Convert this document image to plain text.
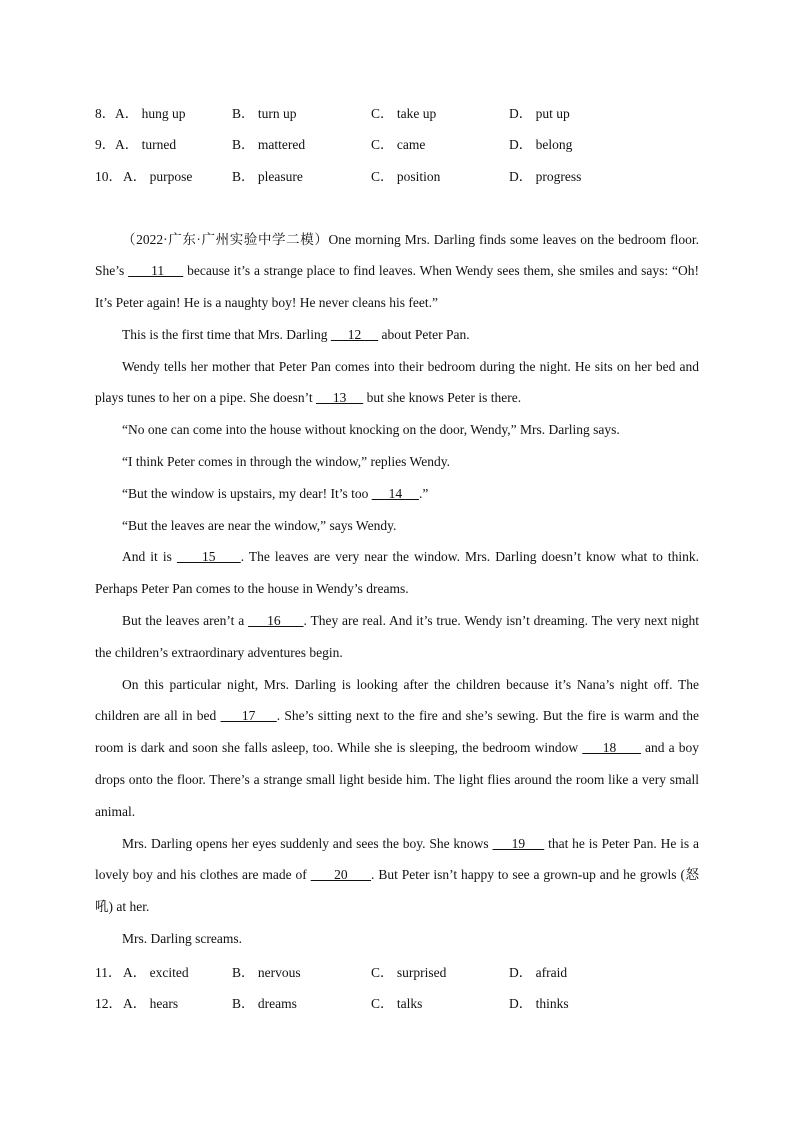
8． A． hung up	B． turn up	C． take up	D． put up
9． A． turned	B． mattered	C． came	D． belong
10． A． purpose	B． pleasure	C． position	D． progress

（2022·广东·广州实验中学二模）One morning Mrs. Darling finds some leaves on the bedroom floor. She’s       11      because it’s a strange place to find leaves. When Wendy sees them, she smiles and says: “Oh! It’s Peter again! He is a naughty boy! He never cleans his feet.”

This is the first time that Mrs. Darling      12      about Peter Pan.

Wendy tells her mother that Peter Pan comes into their bedroom during the night. He sits on her bed and plays tunes to her on a pipe. She doesn’t      13      but she knows Peter is there.

“No one can come into the house without knocking on the door, Wendy,” Mrs. Darling says.

“I think Peter comes in through the window,” replies Wendy.

“But the window is upstairs, my dear! It’s too      14     .”

“But the leaves are near the window,” says Wendy.

And it is      15     . The leaves are very near the window. Mrs. Darling doesn’t know what to think. Perhaps Peter Pan comes to the house in Wendy’s dreams.

But the leaves aren’t a      16      . They are real. And it’s true. Wendy isn’t dreaming. The very next night the children’s extraordinary adventures begin.

On this particular night, Mrs. Darling is looking after the children because it’s Nana’s night off. The children are all in bed      17     . She’s sitting next to the fire and she’s sewing. But the fire is warm and the room is dark and soon she falls asleep, too. While she is sleeping, the bedroom window      18       and a boy drops onto the floor. There’s a strange small light beside him. The light flies around the room like a very small animal.

Mrs. Darling opens her eyes suddenly and sees the boy. She knows      19      that he is Peter Pan. He is a lovely boy and his clothes are made of       20      . But Peter isn’t happy to see a grown-up and he growls (怒吼) at her.

Mrs. Darling screams.

11． A． excited	B． nervous	C． surprised	D． afraid
12． A． hears	B． dreams	C． talks	D． thinks
